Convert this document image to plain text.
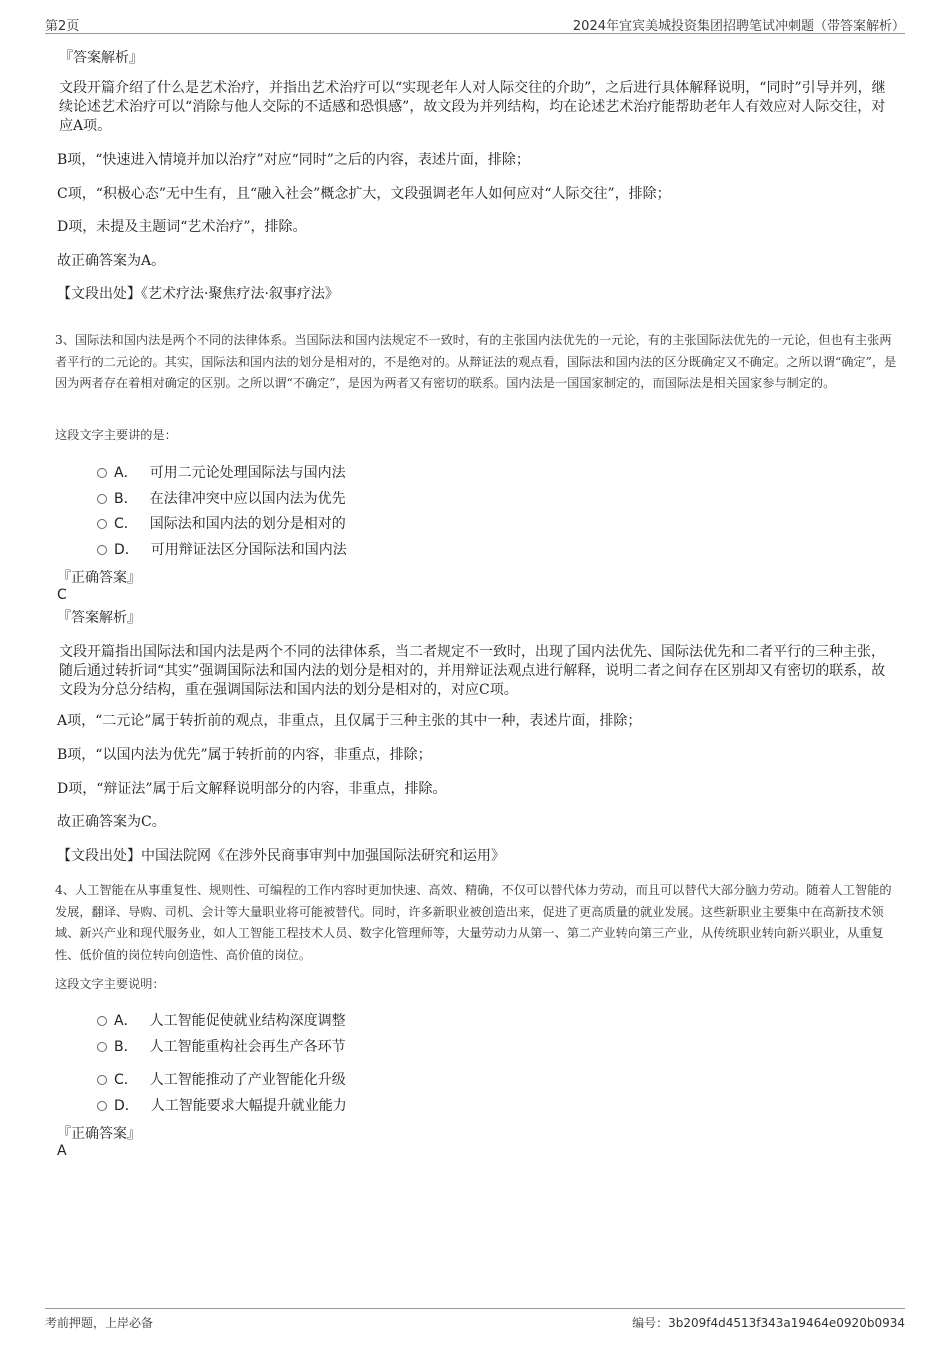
第2页	2024年宜宾美城投资集团招聘笔试冲刺题（带答案解析）
『答案解析』
文段开篇介绍了什么是艺术治疗，并指出艺术治疗可以“实现老年人对人际交往的介助”，之后进行具体解释说明，“同时”引导并列，继续论述艺术治疗可以“消除与他人交际的不适感和恐惧感”，故文段为并列结构，均在论述艺术治疗能帮助老年人有效应对人际交往，对应A项。
B项，“快速进入情境并加以治疗”对应“同时”之后的内容，表述片面，排除；
C项，“积极心态”无中生有，且“融入社会”概念扩大，文段强调老年人如何应对“人际交往”，排除；
D项，未提及主题词“艺术治疗”，排除。
故正确答案为A。
【文段出处】《艺术疗法·聚焦疗法·叙事疗法》
3、国际法和国内法是两个不同的法律体系。当国际法和国内法规定不一致时，有的主张国内法优先的一元论，有的主张国际法优先的一元论，但也有主张两者平行的二元论的。其实，国际法和国内法的划分是相对的，不是绝对的。从辩证法的观点看，国际法和国内法的区分既确定又不确定。之所以谓“确定”，是因为两者存在着相对确定的区别。之所以谓“不确定”，是因为两者又有密切的联系。国内法是一国国家制定的，而国际法是相关国家参与制定的。
这段文字主要讲的是：
A． 可用二元论处理国际法与国内法
B． 在法律冲突中应以国内法为优先
C． 国际法和国内法的划分是相对的
D． 可用辩证法区分国际法和国内法
『正确答案』
C
『答案解析』
文段开篇指出国际法和国内法是两个不同的法律体系，当二者规定不一致时，出现了国内法优先、国际法优先和二者平行的三种主张，随后通过转折词“其实”强调国际法和国内法的划分是相对的，并用辩证法观点进行解释，说明二者之间存在区别却又有密切的联系，故文段为分总分结构，重在强调国际法和国内法的划分是相对的，对应C项。
A项，“二元论”属于转折前的观点，非重点，且仅属于三种主张的其中一种，表述片面，排除；
B项，“以国内法为优先”属于转折前的内容，非重点，排除；
D项，“辩证法”属于后文解释说明部分的内容，非重点，排除。
故正确答案为C。
【文段出处】中国法院网《在涉外民商事审判中加强国际法研究和运用》
4、人工智能在从事重复性、规则性、可编程的工作内容时更加快速、高效、精确，不仅可以替代体力劳动，而且可以替代大部分脑力劳动。随着人工智能的发展，翻译、导购、司机、会计等大量职业将可能被替代。同时，许多新职业被创造出来，促进了更高质量的就业发展。这些新职业主要集中在高新技术领域、新兴产业和现代服务业，如人工智能工程技术人员、数字化管理师等，大量劳动力从第一、第二产业转向第三产业，从传统职业转向新兴职业，从重复性、低价值的岗位转向创造性、高价值的岗位。
这段文字主要说明：
A． 人工智能促使就业结构深度调整
B． 人工智能重构社会再生产各环节
C． 人工智能推动了产业智能化升级
D． 人工智能要求大幅提升就业能力
『正确答案』
A
考前押题，上岸必备	编号：3b209f4d4513f343a19464e0920b0934
